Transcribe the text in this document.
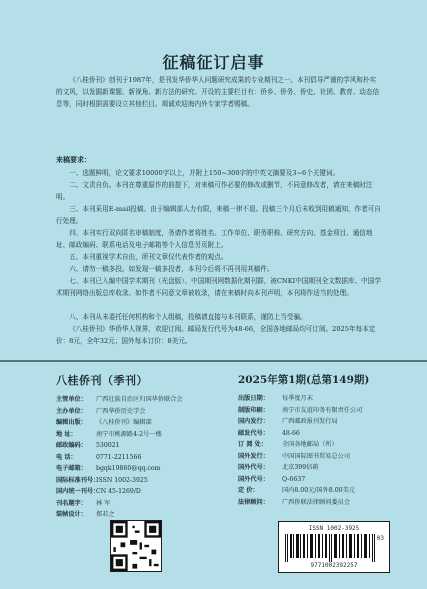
征稿征订启事
《八桂侨刊》创刊于1987年，是刊发华侨华人问题研究成果的专业期刊之一。本刊倡导严谨的学风和朴实的文风，以发掘新课题、新视角、新方法的研究。开设的主要栏目有：侨乡、侨务、侨史、社团、教育、动态信息等，同时根据需要设立其他栏目。竭诚欢迎海内外专家学者赐稿。
来稿要求：
一、选题鲜明，论文要求10000字以上，并附上150~300字的中英文摘要及3~6个关键词。
二、文责自负。本刊在尊重原作的前提下，对来稿可作必要的修改或删节，不同意修改者，请在来稿时注明。
三、本刊采用E-mail投稿。由于编辑部人力有限，来稿一律不退。投稿三个月后未收到用稿通知，作者可自行处理。
四、本刊实行双向匿名审稿制度，务请作者将姓名、工作单位、职务职称、研究方向、基金项目、通信地址、邮政编码、联系电话及电子邮箱等个人信息另页附上。
五、本刊重视学术自由，所刊文章仅代表作者的观点。
六、请勿一稿多投。如发现一稿多投者，本刊今后将不再刊用其稿件。
七、本刊已入编中国学术期刊（光盘版）、中国期刊网数据化期刊群，被CNKI中国期刊全文数据库、中国学术期刊网络出版总库收录。如作者不同意文章被收录，请在来稿时向本刊声明，本刊将作适当的处理。
八、本刊从未委托任何机构和个人组稿，投稿请直接与本刊联系，谨防上当受骗。
《八桂侨刊》华侨华人视界，欢迎订阅。邮局发行代号为48-66，全国各地邮局均可订阅。2025年每本定价：8元，全年32元；国外每本订价：8美元。
八桂侨刊（季刊）
主管单位：	广西壮族自治区归国华侨联合会
主办单位：	广西华侨历史学会
编辑出版：	《八桂侨刊》编辑部
地 址：	南宁市桃源路4-2号一楼
邮政编码：	530021
电 话：	0771-2211566
电子邮箱：	bgqk19860@qq.com
国际标准刊号：
ISSN 1002-3925
国内统一刊号：
CN 45-1269/D
刊名题字：	林 军
装帧设计：	郑若之
2025年第1期(总第149期)
出版日期：	每季度月末
制版印刷：	南宁市友谊印务有限责任公司
国内发行：	广西邮政报刊发行局
邮发代号：	48-66
订 阅 处：	全国各地邮局（所）
国外发行：	中国国际图书贸易总公司
国外代号：	北京399信箱
国外代号：	Q-6637
定 价：	国内8.00元/国外8.00美元
法律顾问：	广西侨联法律顾问委员会
ISSN 1002-3925
03
9771002392257
